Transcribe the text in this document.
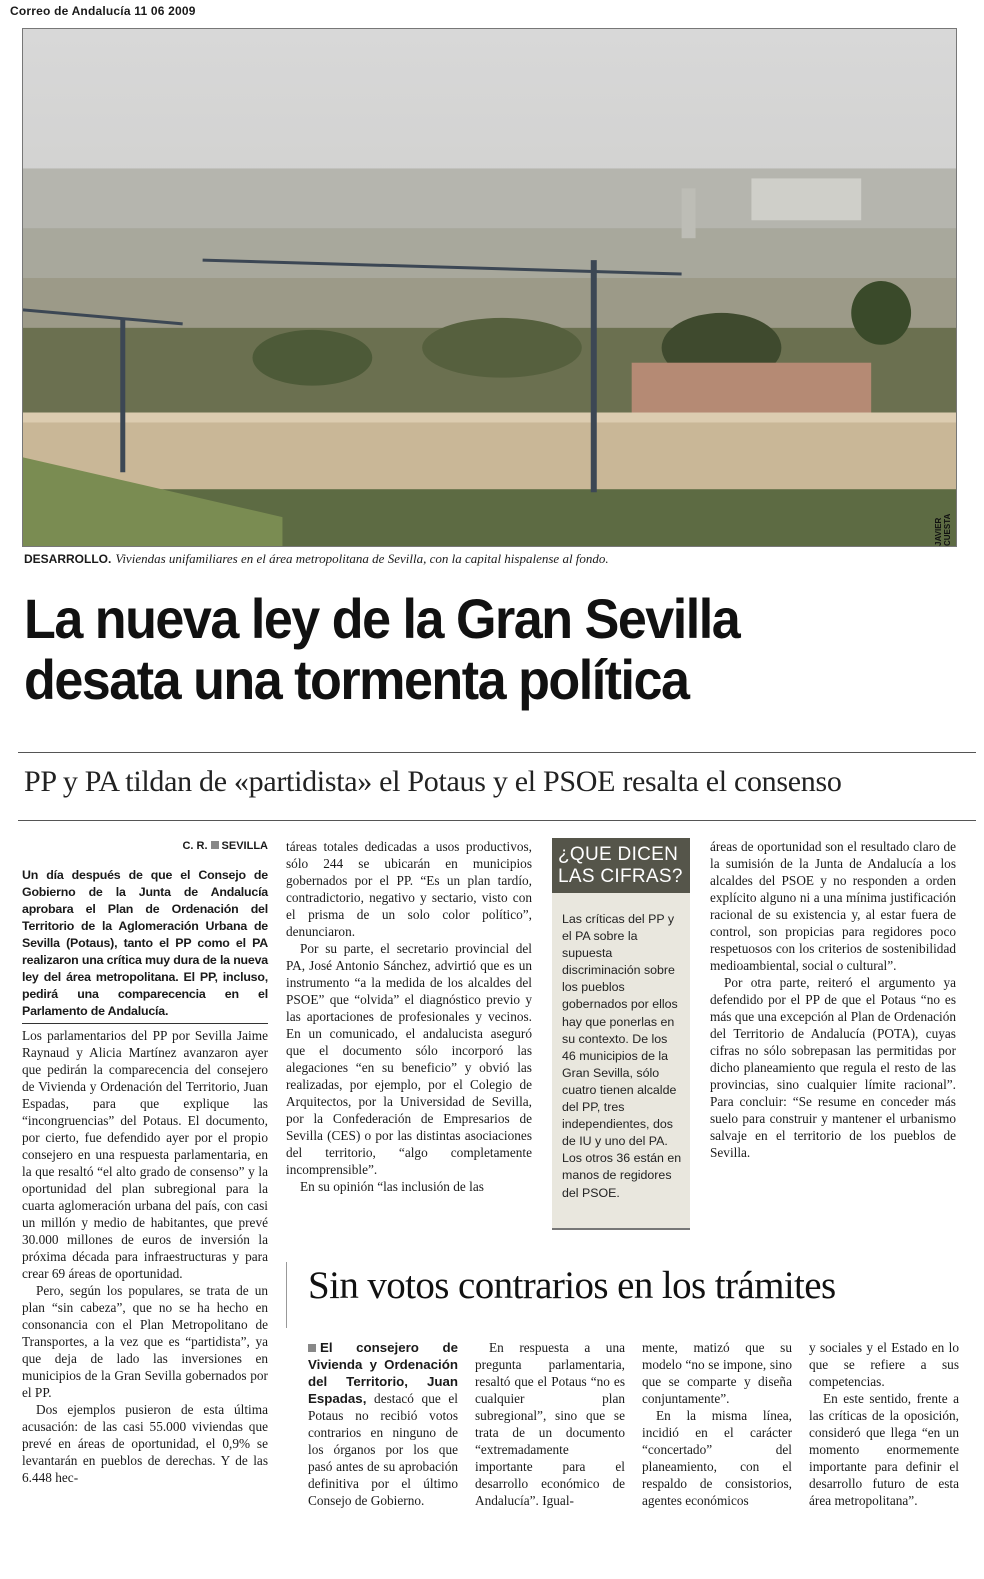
Correo de Andalucía 11 06 2009
JAVIER CUESTA
DESARROLLO. Viviendas unifamiliares en el área metropolitana de Sevilla, con la capital hispalense al fondo.
La nueva ley de la Gran Sevilla
desata una tormenta política
PP y PA tildan de «partidista» el Potaus y el PSOE resalta el consenso
C. R. SEVILLA

Un día después de que el Consejo de Gobierno de la Junta de Andalucía aprobara el Plan de Ordenación del Territorio de la Aglomeración Urbana de Sevilla (Potaus), tanto el PP como el PA realizaron una crítica muy dura de la nueva ley del área metropolitana. El PP, incluso, pedirá una comparecencia en el Parlamento de Andalucía.

Los parlamentarios del PP por Sevilla Jaime Raynaud y Alicia Martínez avanzaron ayer que pedirán la comparecencia del consejero de Vivienda y Ordenación del Territorio, Juan Espadas, para que explique las “incongruencias” del Potaus. El documento, por cierto, fue defendido ayer por el propio consejero en una respuesta parlamentaria, en la que resaltó “el alto grado de consenso” y la oportunidad del plan subregional para la cuarta aglomeración urbana del país, con casi un millón y medio de habitantes, que prevé 30.000 millones de euros de inversión la próxima década para infraestructuras y para crear 69 áreas de oportunidad.

Pero, según los populares, se trata de un plan “sin cabeza”, que no se ha hecho en consonancia con el Plan Metropolitano de Transportes, a la vez que es “partidista”, ya que deja de lado las inversiones en municipios de la Gran Sevilla gobernados por el PP.

Dos ejemplos pusieron de esta última acusación: de las casi 55.000 viviendas que prevé en áreas de oportunidad, el 0,9% se levantarán en pueblos de derechas. Y de las 6.448 hec-

táreas totales dedicadas a usos productivos, sólo 244 se ubicarán en municipios gobernados por el PP. “Es un plan tardío, contradictorio, negativo y sectario, visto con el prisma de un solo color político”, denunciaron.

Por su parte, el secretario provincial del PA, José Antonio Sánchez, advirtió que es un instrumento “a la medida de los alcaldes del PSOE” que “olvida” el diagnóstico previo y las aportaciones de profesionales y vecinos. En un comunicado, el andalucista aseguró que el documento sólo incorporó las alegaciones “en su beneficio” y obvió las realizadas, por ejemplo, por el Colegio de Arquitectos, por la Universidad de Sevilla, por la Confederación de Empresarios de Sevilla (CES) o por las distintas asociaciones del territorio, “algo completamente incomprensible”.

En su opinión “las inclusión de las

¿QUE DICEN
LAS CIFRAS?
Las críticas del PP y el PA sobre la supuesta discriminación sobre los pueblos gobernados por ellos hay que ponerlas en su contexto. De los 46 municipios de la Gran Sevilla, sólo cuatro tienen alcalde del PP, tres independientes, dos de IU y uno del PA. Los otros 36 están en manos de regidores del PSOE.

áreas de oportunidad son el resultado claro de la sumisión de la Junta de Andalucía a los alcaldes del PSOE y no responden a orden explícito alguno ni a una mínima justificación racional de su existencia y, al estar fuera de control, son propicias para regidores poco respetuosos con los criterios de sostenibilidad medioambiental, social o cultural”.

Por otra parte, reiteró el argumento ya defendido por el PP de que el Potaus “no es más que una excepción al Plan de Ordenación del Territorio de Andalucía (POTA), cuyas cifras no sólo sobrepasan las permitidas por dicho planeamiento que regula el resto de las provincias, sino cualquier límite racional”. Para concluir: “Se resume en conceder más suelo para construir y mantener el urbanismo salvaje en el territorio de los pueblos de Sevilla.

Sin votos contrarios en los trámites

El consejero de Vivienda y Ordenación del Territorio, Juan Espadas, destacó que el Potaus no recibió votos contrarios en ninguno de los órganos por los que pasó antes de su aprobación definitiva por el último Consejo de Gobierno.

En respuesta a una pregunta parlamentaria, resaltó que el Potaus “no es cualquier plan subregional”, sino que se trata de un documento “extremadamente importante para el desarrollo económico de Andalucía”. Igual-

mente, matizó que su modelo “no se impone, sino que se comparte y diseña conjuntamente”.

En la misma línea, incidió en el carácter “concertado” del planeamiento, con el respaldo de consistorios, agentes económicos

y sociales y el Estado en lo que se refiere a sus competencias.

En este sentido, frente a las críticas de la oposición, consideró que llega “en un momento enormemente importante para definir el desarrollo futuro de esta área metropolitana”.
